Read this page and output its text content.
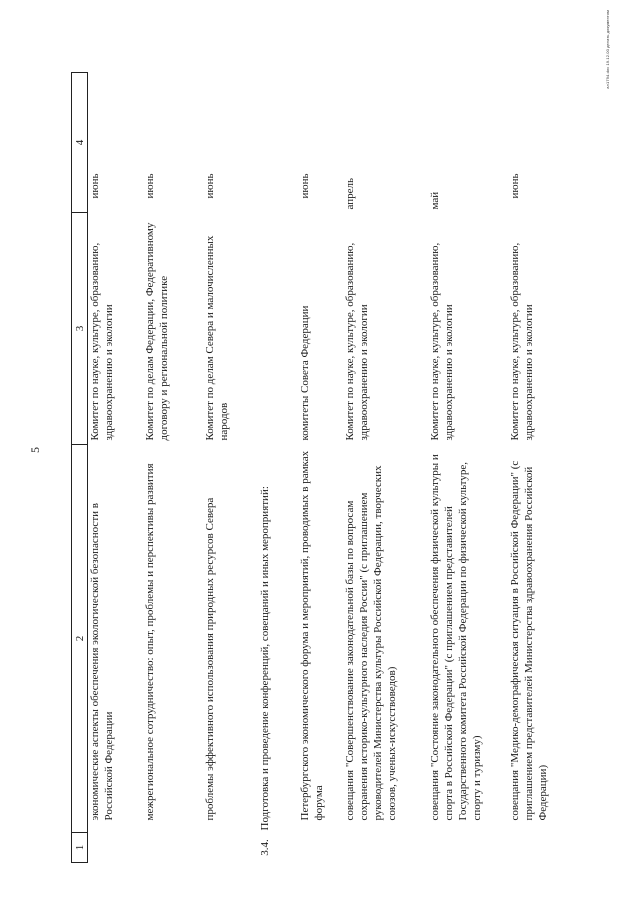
5
1	2	3	4
	экономические аспекты обеспечения экологической безопасности в Российской Федерации	Комитет по науке, культуре, образованию, здравоохранению и экологии	июнь
	межрегиональное сотрудничество: опыт, проблемы и перспективы развития	Комитет по делам Федерации, Федеративному договору и региональной политике	июнь
	проблемы эффективного использования природных ресурсов Севера	Комитет по делам Севера и малочисленных народов	июнь
3.4.	Подготовка и проведение конференций, совещаний и иных мероприятий:		
	Петербургского экономического форума и мероприятий, проводимых в рамках форума	комитеты Совета Федерации	июнь
	совещания "Совершенствование законодательной базы по вопросам сохранения историко-культурного наследия России" (с приглашением руководителей Министерства культуры Российской Федерации, творческих союзов, ученых-искусствоведов)	Комитет по науке, культуре, образованию, здравоохранению и экологии	апрель
	совещания "Состояние законодательного обеспечения физической культуры и спорта в Российской Федерации" (с приглашением представителей Государственного комитета Российской Федерации по физической культуре, спорту и туризму)	Комитет по науке, культуре, образованию, здравоохранению и экологии	май
	совещания "Медико-демографическая ситуация в Российской Федерации" (с приглашением представителей Министерства здравоохранения Российской Федерации)	Комитет по науке, культуре, образованию, здравоохранению и экологии	июнь
ал1794.doc 19.12.00 делать документом
